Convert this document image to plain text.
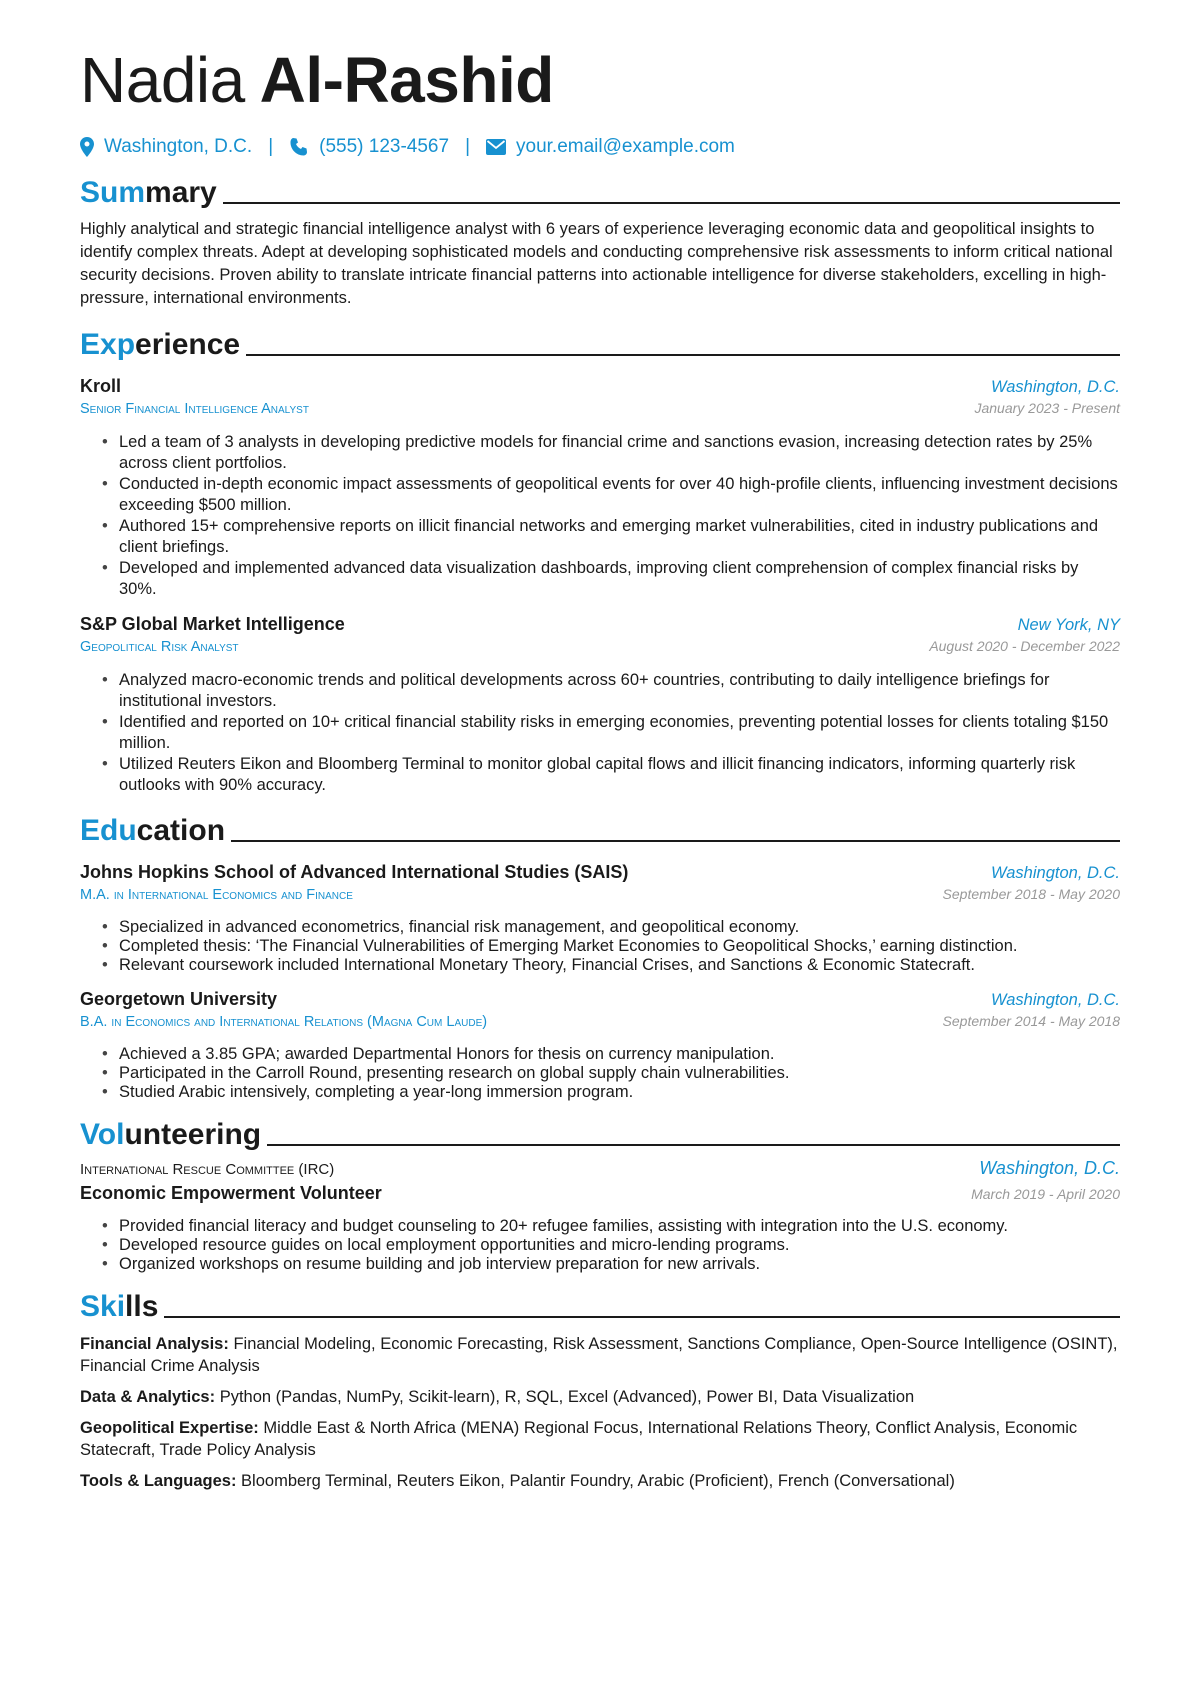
Nadia Al-Rashid
Washington, D.C. | (555) 123-4567 | your.email@example.com
Summary
Highly analytical and strategic financial intelligence analyst with 6 years of experience leveraging economic data and geopolitical insights to identify complex threats. Adept at developing sophisticated models and conducting comprehensive risk assessments to inform critical national security decisions. Proven ability to translate intricate financial patterns into actionable intelligence for diverse stakeholders, excelling in high-pressure, international environments.
Experience
Kroll	Washington, D.C.
Senior Financial Intelligence Analyst	January 2023 - Present
• Led a team of 3 analysts in developing predictive models for financial crime and sanctions evasion, increasing detection rates by 25% across client portfolios.
• Conducted in-depth economic impact assessments of geopolitical events for over 40 high-profile clients, influencing investment decisions exceeding $500 million.
• Authored 15+ comprehensive reports on illicit financial networks and emerging market vulnerabilities, cited in industry publications and client briefings.
• Developed and implemented advanced data visualization dashboards, improving client comprehension of complex financial risks by 30%.
S&P Global Market Intelligence	New York, NY
Geopolitical Risk Analyst	August 2020 - December 2022
• Analyzed macro-economic trends and political developments across 60+ countries, contributing to daily intelligence briefings for institutional investors.
• Identified and reported on 10+ critical financial stability risks in emerging economies, preventing potential losses for clients totaling $150 million.
• Utilized Reuters Eikon and Bloomberg Terminal to monitor global capital flows and illicit financing indicators, informing quarterly risk outlooks with 90% accuracy.
Education
Johns Hopkins School of Advanced International Studies (SAIS)	Washington, D.C.
M.A. in International Economics and Finance	September 2018 - May 2020
• Specialized in advanced econometrics, financial risk management, and geopolitical economy.
• Completed thesis: ‘The Financial Vulnerabilities of Emerging Market Economies to Geopolitical Shocks,’ earning distinction.
• Relevant coursework included International Monetary Theory, Financial Crises, and Sanctions & Economic Statecraft.
Georgetown University	Washington, D.C.
B.A. in Economics and International Relations (Magna Cum Laude)	September 2014 - May 2018
• Achieved a 3.85 GPA; awarded Departmental Honors for thesis on currency manipulation.
• Participated in the Carroll Round, presenting research on global supply chain vulnerabilities.
• Studied Arabic intensively, completing a year-long immersion program.
Volunteering
International Rescue Committee (IRC)	Washington, D.C.
Economic Empowerment Volunteer	March 2019 - April 2020
• Provided financial literacy and budget counseling to 20+ refugee families, assisting with integration into the U.S. economy.
• Developed resource guides on local employment opportunities and micro-lending programs.
• Organized workshops on resume building and job interview preparation for new arrivals.
Skills
Financial Analysis: Financial Modeling, Economic Forecasting, Risk Assessment, Sanctions Compliance, Open-Source Intelligence (OSINT), Financial Crime Analysis
Data & Analytics: Python (Pandas, NumPy, Scikit-learn), R, SQL, Excel (Advanced), Power BI, Data Visualization
Geopolitical Expertise: Middle East & North Africa (MENA) Regional Focus, International Relations Theory, Conflict Analysis, Economic Statecraft, Trade Policy Analysis
Tools & Languages: Bloomberg Terminal, Reuters Eikon, Palantir Foundry, Arabic (Proficient), French (Conversational)
